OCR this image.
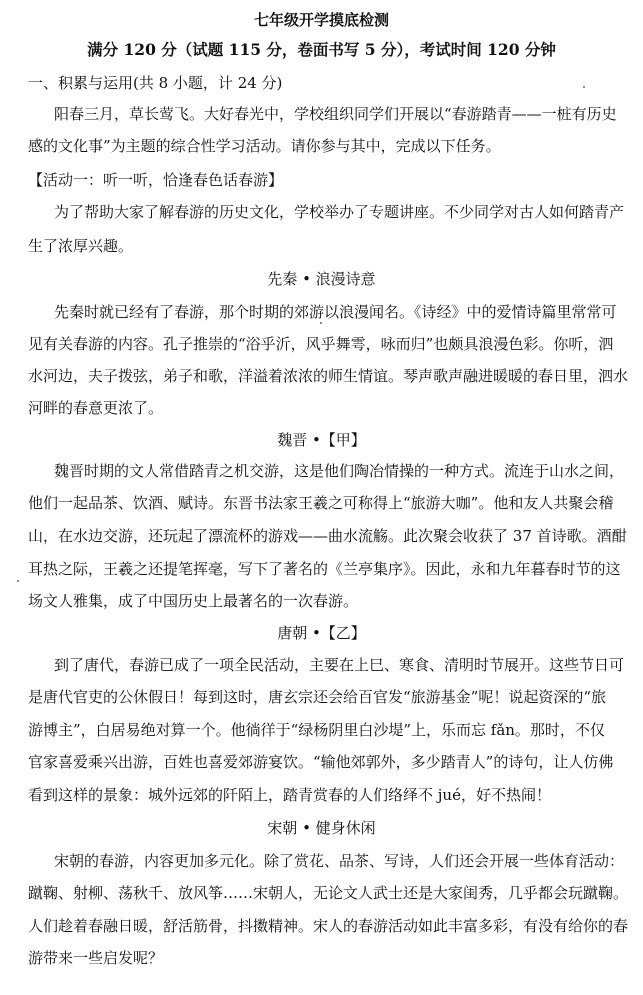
七年级开学摸底检测
满分 120 分（试题 115 分，卷面书写 5 分），考试时间 120 分钟
一、积累与运用(共 8 小题，计 24 分)
阳春三月，草长莺飞。大好春光中，学校组织同学们开展以“春游踏青——一桩有历史
感的文化事”为主题的综合性学习活动。请你参与其中，完成以下任务。
【活动一：听一听，恰逢春色话春游】
为了帮助大家了解春游的历史文化，学校举办了专题讲座。不少同学对古人如何踏青产
生了浓厚兴趣。
先秦 • 浪漫诗意
先秦时就已经有了春游，那个时期的郊游以浪漫闻名。《诗经》中的爱情诗篇里常常可
见有关春游的内容。孔子推崇的“浴乎沂，风乎舞雩，咏而归”也颇具浪漫色彩。你听，泗
水河边，夫子拨弦，弟子和歌，洋溢着浓浓的师生情谊。琴声歌声融进暖暖的春日里，泗水
河畔的春意更浓了。
魏晋 •【甲】
魏晋时期的文人常借踏青之机交游，这是他们陶冶情操的一种方式。流连于山水之间，
他们一起品茶、饮酒、赋诗。东晋书法家王羲之可称得上“旅游大咖”。他和友人共聚会稽
山，在水边交游，还玩起了漂流杯的游戏——曲水流觞。此次聚会收获了 37 首诗歌。酒酣
耳热之际，王羲之还提笔挥毫，写下了著名的《兰亭集序》。因此，永和九年暮春时节的这
场文人雅集，成了中国历史上最著名的一次春游。
唐朝 •【乙】
到了唐代，春游已成了一项全民活动，主要在上巳、寒食、清明时节展开。这些节日可
是唐代官吏的公休假日！每到这时，唐玄宗还会给百官发“旅游基金”呢！说起资深的“旅
游博主”，白居易绝对算一个。他徜徉于“绿杨阴里白沙堤”上，乐而忘 fǎn。那时，不仅
官家喜爱乘兴出游，百姓也喜爱郊游宴饮。“输他郊郭外，多少踏青人”的诗句，让人仿佛
看到这样的景象：城外远郊的阡陌上，踏青赏春的人们络绎不 jué，好不热闹！
宋朝 • 健身休闲
宋朝的春游，内容更加多元化。除了赏花、品茶、写诗，人们还会开展一些体育活动：
蹴鞠、射柳、荡秋千、放风筝……宋朝人，无论文人武士还是大家闺秀，几乎都会玩蹴鞠。
人们趁着春融日暖，舒活筋骨，抖擞精神。宋人的春游活动如此丰富多彩，有没有给你的春
游带来一些启发呢？
